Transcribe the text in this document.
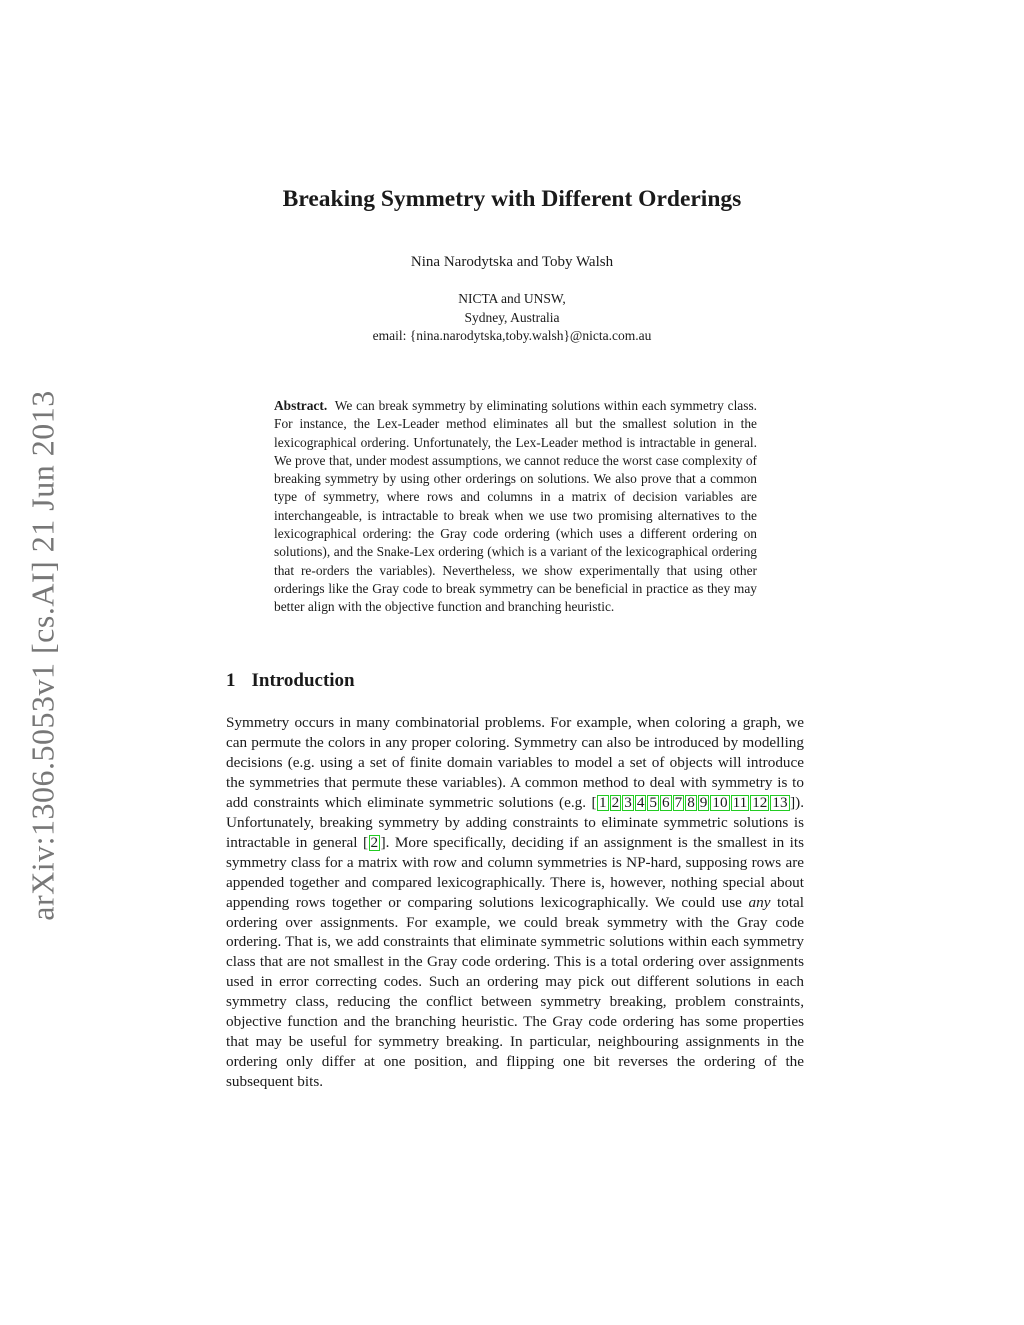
arXiv:1306.5053v1 [cs.AI] 21 Jun 2013
Breaking Symmetry with Different Orderings
Nina Narodytska and Toby Walsh
NICTA and UNSW,
Sydney, Australia
email: {nina.narodytska,toby.walsh}@nicta.com.au

Abstract. We can break symmetry by eliminating solutions within each symmetry class. For instance, the Lex-Leader method eliminates all but the smallest solution in the lexicographical ordering. Unfortunately, the Lex-Leader method is intractable in general. We prove that, under modest assumptions, we cannot reduce the worst case complexity of breaking symmetry by using other orderings on solutions. We also prove that a common type of symmetry, where rows and columns in a matrix of decision variables are interchangeable, is intractable to break when we use two promising alternatives to the lexicographical ordering: the Gray code ordering (which uses a different ordering on solutions), and the Snake-Lex ordering (which is a variant of the lexicographical ordering that re-orders the variables). Nevertheless, we show experimentally that using other orderings like the Gray code to break symmetry can be beneficial in practice as they may better align with the objective function and branching heuristic.

1 Introduction

Symmetry occurs in many combinatorial problems. For example, when coloring a graph, we can permute the colors in any proper coloring. Symmetry can also be introduced by modelling decisions (e.g. using a set of finite domain variables to model a set of objects will introduce the symmetries that permute these variables). A common method to deal with symmetry is to add constraints which eliminate symmetric solutions (e.g. [ 1 2 3 4 5 6 7 8 9 10 11 12 13 ]). Unfortunately, breaking symmetry by adding constraints to eliminate symmetric solutions is intractable in general [ 2 ]. More specifically, deciding if an assignment is the smallest in its symmetry class for a matrix with row and column symmetries is NP-hard, supposing rows are appended together and compared lexicographically. There is, however, nothing special about appending rows together or comparing solutions lexicographically. We could use any total ordering over assignments. For example, we could break symmetry with the Gray code ordering. That is, we add constraints that eliminate symmetric solutions within each symmetry class that are not smallest in the Gray code ordering. This is a total ordering over assignments used in error correcting codes. Such an ordering may pick out different solutions in each symmetry class, reducing the conflict between symmetry breaking, problem constraints, objective function and the branching heuristic. The Gray code ordering has some properties that may be useful for symmetry breaking. In particular, neighbouring assignments in the ordering only differ at one position, and flipping one bit reverses the ordering of the subsequent bits.
